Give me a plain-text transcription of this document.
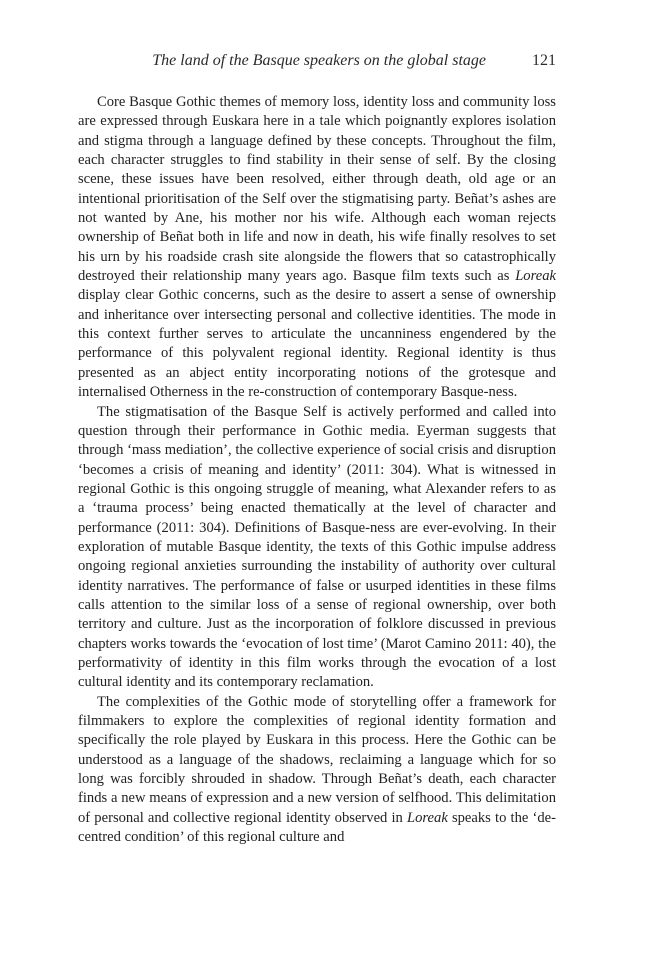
The land of the Basque speakers on the global stage	121

Core Basque Gothic themes of memory loss, identity loss and community loss are expressed through Euskara here in a tale which poignantly explores isolation and stigma through a language defined by these concepts. Throughout the film, each character struggles to find stability in their sense of self. By the closing scene, these issues have been resolved, either through death, old age or an intentional prioritisation of the Self over the stigmatising party. Beñat’s ashes are not wanted by Ane, his mother nor his wife. Although each woman rejects ownership of Beñat both in life and now in death, his wife finally resolves to set his urn by his roadside crash site alongside the flowers that so catastrophically destroyed their relationship many years ago. Basque film texts such as Loreak display clear Gothic concerns, such as the desire to assert a sense of ownership and inheritance over intersecting personal and collective identities. The mode in this context further serves to articulate the uncanniness engendered by the performance of this polyvalent regional identity. Regional identity is thus presented as an abject entity incorporating notions of the grotesque and internalised Otherness in the re-construction of contemporary Basque-ness.

The stigmatisation of the Basque Self is actively performed and called into question through their performance in Gothic media. Eyerman suggests that through ‘mass mediation’, the collective experience of social crisis and disruption ‘becomes a crisis of meaning and identity’ (2011: 304). What is witnessed in regional Gothic is this ongoing struggle of meaning, what Alexander refers to as a ‘trauma process’ being enacted thematically at the level of character and performance (2011: 304). Definitions of Basque-ness are ever-evolving. In their exploration of mutable Basque identity, the texts of this Gothic impulse address ongoing regional anxieties surrounding the instability of authority over cultural identity narratives. The performance of false or usurped identities in these films calls attention to the similar loss of a sense of regional ownership, over both territory and culture. Just as the incorporation of folklore discussed in previous chapters works towards the ‘evocation of lost time’ (Marot Camino 2011: 40), the performativity of identity in this film works through the evocation of a lost cultural identity and its contemporary reclamation.

The complexities of the Gothic mode of storytelling offer a framework for filmmakers to explore the complexities of regional identity formation and specifically the role played by Euskara in this process. Here the Gothic can be understood as a language of the shadows, reclaiming a language which for so long was forcibly shrouded in shadow. Through Beñat’s death, each character finds a new means of expression and a new version of selfhood. This delimitation of personal and collective regional identity observed in Loreak speaks to the ‘de-centred condition’ of this regional culture and
